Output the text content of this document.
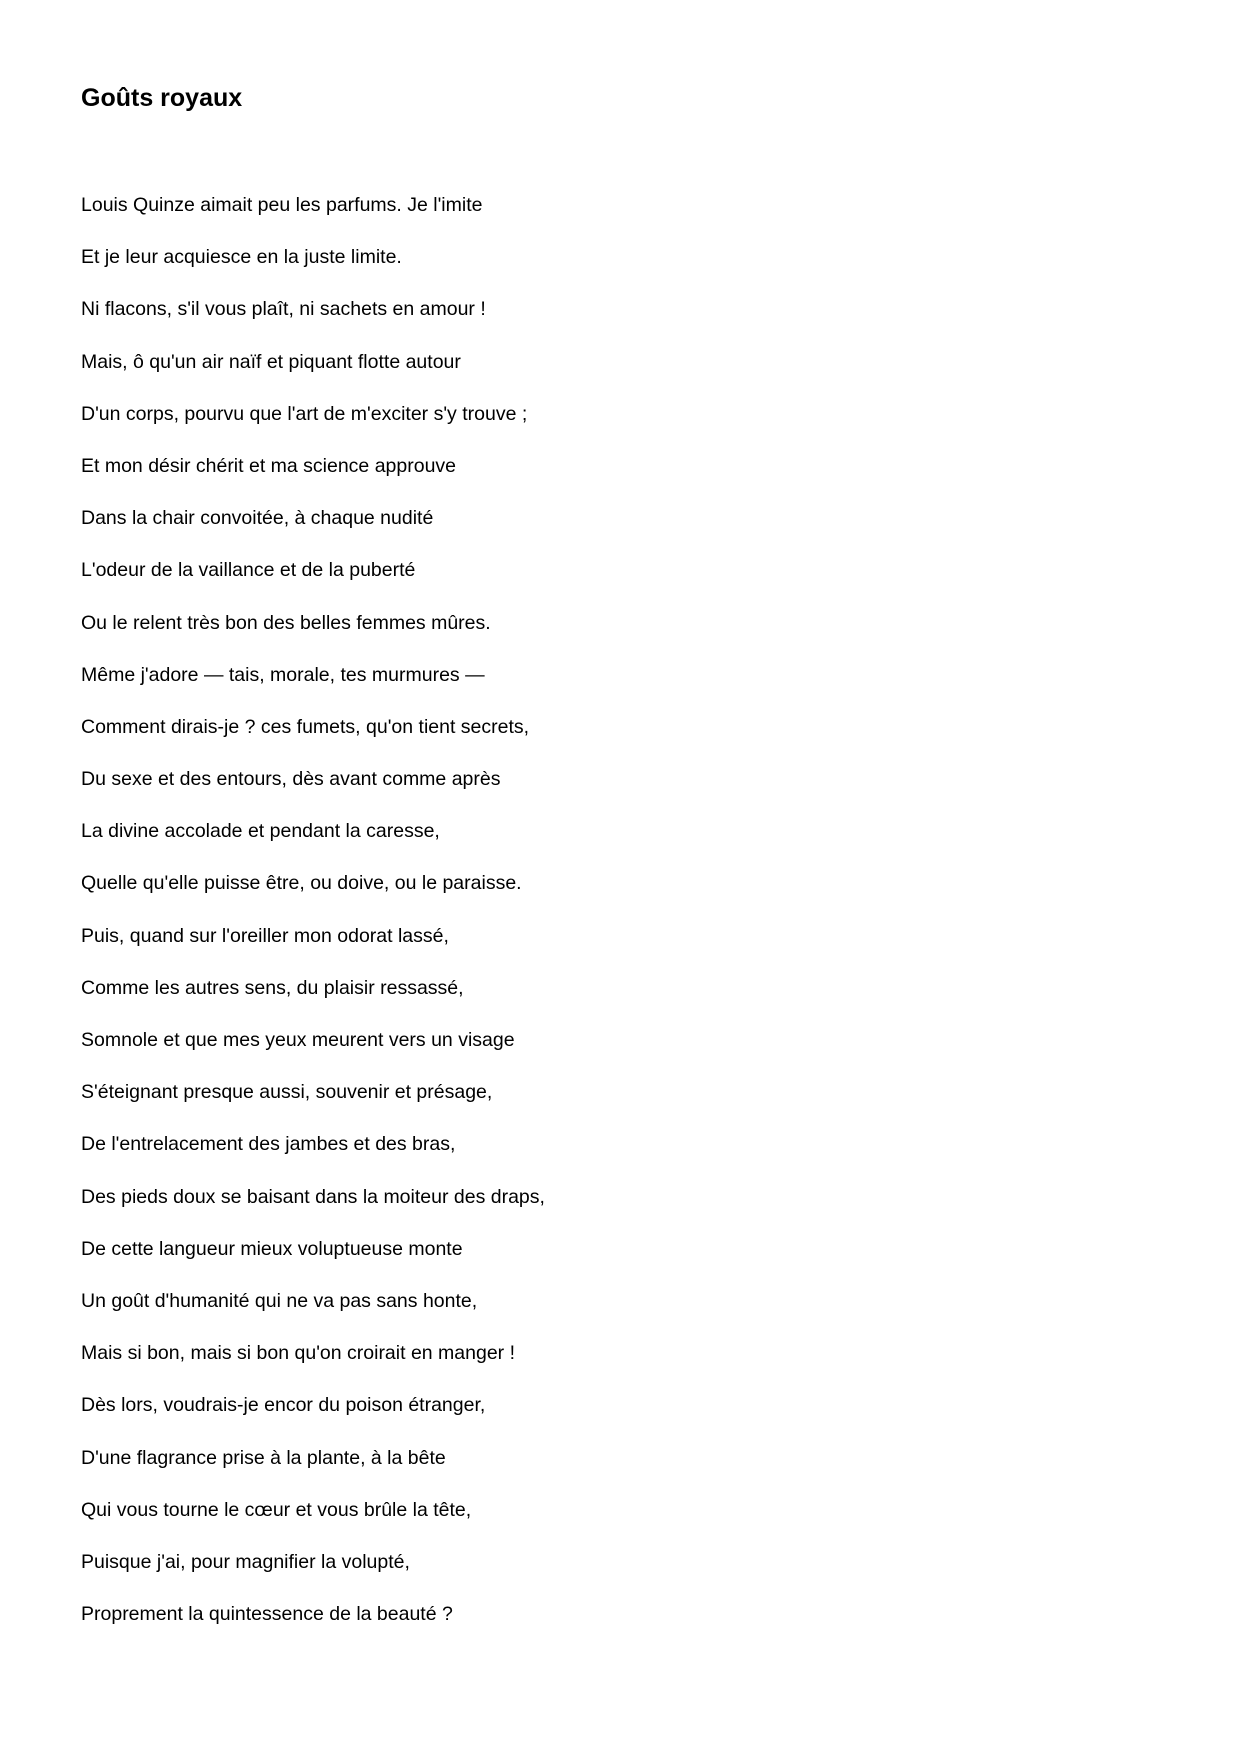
Goûts royaux
Louis Quinze aimait peu les parfums. Je l'imite
Et je leur acquiesce en la juste limite.
Ni flacons, s'il vous plaît, ni sachets en amour !
Mais, ô qu'un air naïf et piquant flotte autour
D'un corps, pourvu que l'art de m'exciter s'y trouve ;
Et mon désir chérit et ma science approuve
Dans la chair convoitée, à chaque nudité
L'odeur de la vaillance et de la puberté
Ou le relent très bon des belles femmes mûres.
Même j'adore — tais, morale, tes murmures —
Comment dirais-je ? ces fumets, qu'on tient secrets,
Du sexe et des entours, dès avant comme après
La divine accolade et pendant la caresse,
Quelle qu'elle puisse être, ou doive, ou le paraisse.
Puis, quand sur l'oreiller mon odorat lassé,
Comme les autres sens, du plaisir ressassé,
Somnole et que mes yeux meurent vers un visage
S'éteignant presque aussi, souvenir et présage,
De l'entrelacement des jambes et des bras,
Des pieds doux se baisant dans la moiteur des draps,
De cette langueur mieux voluptueuse monte
Un goût d'humanité qui ne va pas sans honte,
Mais si bon, mais si bon qu'on croirait en manger !
Dès lors, voudrais-je encor du poison étranger,
D'une flagrance prise à la plante, à la bête
Qui vous tourne le cœur et vous brûle la tête,
Puisque j'ai, pour magnifier la volupté,
Proprement la quintessence de la beauté ?
